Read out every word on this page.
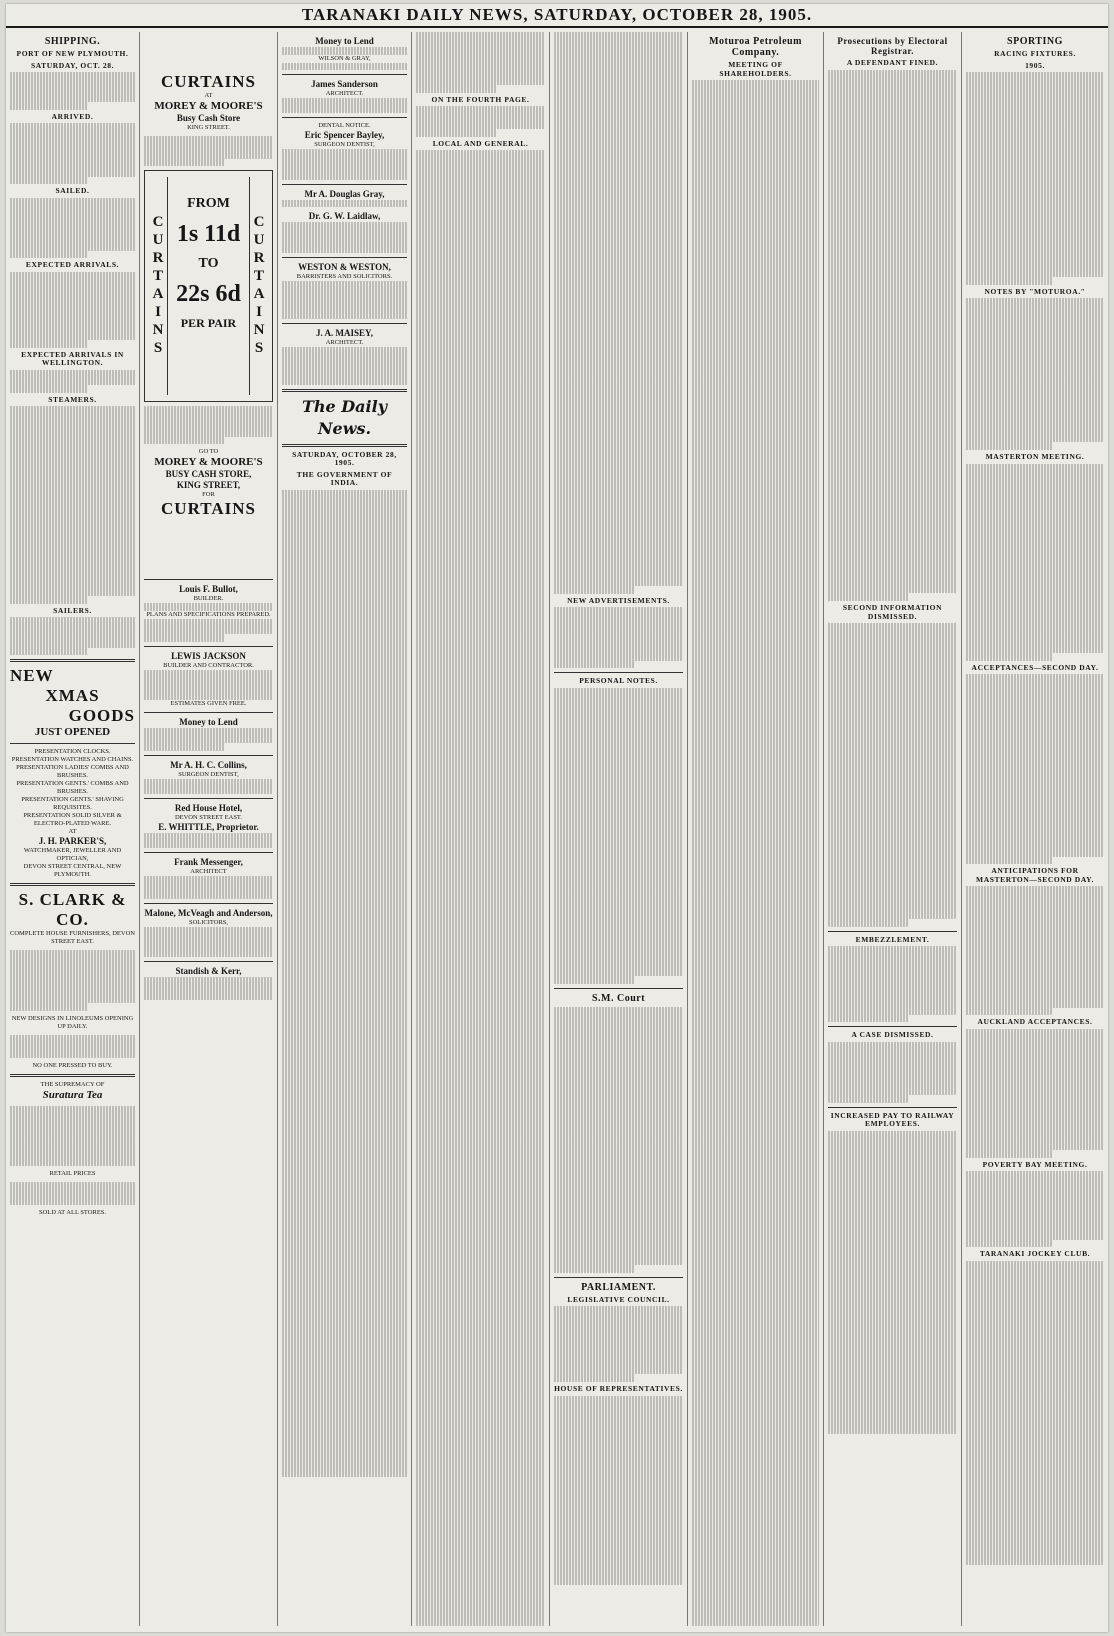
TARANAKI DAILY NEWS, SATURDAY, OCTOBER 28, 1905.
SHIPPING.
PORT OF NEW PLYMOUTH.
SATURDAY, OCT. 28.
ARRIVED.
SAILED.
EXPECTED ARRIVALS.
EXPECTED ARRIVALS IN WELLINGTON.
STEAMERS.
SAILERS.
NEW
XMAS
GOODS
JUST OPENED
PRESENTATION CLOCKS.
PRESENTATION WATCHES AND CHAINS.
PRESENTATION LADIES' COMBS AND BRUSHES.
PRESENTATION GENTS.' COMBS AND BRUSHES.
PRESENTATION GENTS.' SHAVING REQUISITES.
PRESENTATION SOLID SILVER & ELECTRO-PLATED WARE.
AT
J. H. PARKER'S,
WATCHMAKER, JEWELLER AND OPTICIAN,
DEVON STREET CENTRAL, NEW PLYMOUTH.
S. CLARK & CO.
COMPLETE HOUSE FURNISHERS, DEVON STREET EAST.
NEW DESIGNS IN LINOLEUMS OPENING UP DAILY.
NO ONE PRESSED TO BUY.
THE SUPREMACY OF
Suratura Tea
RETAIL PRICES
SOLD AT ALL STORES.
CURTAINS
AT
MOREY & MOORE'S
Busy Cash Store
KING STREET.
CURTAINS	CURTAINS
FROM
1s 11d
TO
22s 6d
PER PAIR
GO TO
MOREY & MOORE'S
BUSY CASH STORE,
KING STREET,
FOR
CURTAINS
Louis F. Bullot,
BUILDER.
PLANS AND SPECIFICATIONS PREPARED.
LEWIS JACKSON
BUILDER AND CONTRACTOR.
ESTIMATES GIVEN FREE.
Money to Lend
Mr A. H. C. Collins,
SURGEON DENTIST,
Red House Hotel,
DEVON STREET EAST.
E. WHITTLE, Proprietor.
Frank Messenger,
ARCHITECT
Malone, McVeagh and Anderson,
SOLICITORS,
Standish & Kerr,
Money to Lend
WILSON & GRAY,
James Sanderson
ARCHITECT.
DENTAL NOTICE.
Eric Spencer Bayley,
SURGEON DENTIST,
Mr A. Douglas Gray,
Dr. G. W. Laidlaw,
WESTON & WESTON,
BARRISTERS AND SOLICITORS.
J. A. MAISEY,
ARCHITECT.
The Daily News.
SATURDAY, OCTOBER 28, 1905.
THE GOVERNMENT OF INDIA.
ON THE FOURTH PAGE.
LOCAL AND GENERAL.
NEW ADVERTISEMENTS.
PERSONAL NOTES.
S.M. Court
PARLIAMENT.
LEGISLATIVE COUNCIL.
HOUSE OF REPRESENTATIVES.
Moturoa Petroleum Company.
MEETING OF SHAREHOLDERS.
Prosecutions by Electoral Registrar.
A DEFENDANT FINED.
SECOND INFORMATION DISMISSED.
EMBEZZLEMENT.
A CASE DISMISSED.
INCREASED PAY TO RAILWAY EMPLOYEES.
SPORTING
RACING FIXTURES.
1905.
NOTES BY "MOTUROA."
MASTERTON MEETING.
ACCEPTANCES—SECOND DAY.
ANTICIPATIONS FOR MASTERTON—SECOND DAY.
AUCKLAND ACCEPTANCES.
POVERTY BAY MEETING.
TARANAKI JOCKEY CLUB.
